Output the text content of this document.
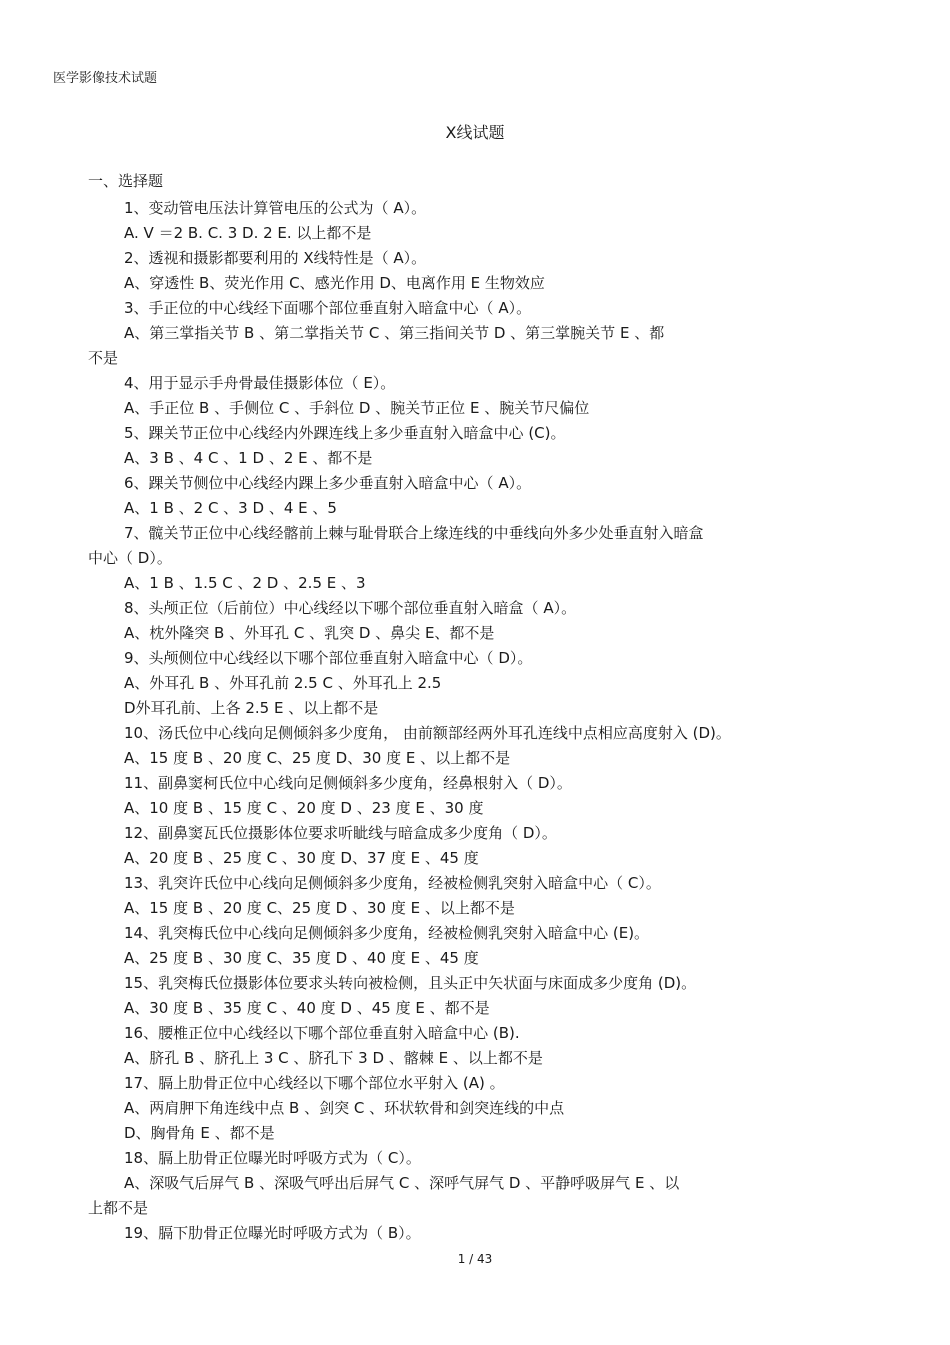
医学影像技术试题
X线试题
一、选择题
1、变动管电压法计算管电压的公式为（ A）。
A. V ＝2 B. C. 3 D. 2 E. 以上都不是
2、透视和摄影都要利用的 X线特性是（ A）。
A、穿透性 B、荧光作用 C、感光作用 D、电离作用 E 生物效应
3、手正位的中心线经下面哪个部位垂直射入暗盒中心（ A）。
A、第三掌指关节 B 、第二掌指关节 C 、第三指间关节 D 、第三掌腕关节 E 、都
不是
4、用于显示手舟骨最佳摄影体位（ E）。
A、手正位 B 、手侧位 C 、手斜位 D 、腕关节正位 E 、腕关节尺偏位
5、踝关节正位中心线经内外踝连线上多少垂直射入暗盒中心 (C)。
A、3 B 、4 C 、1 D 、2 E 、都不是
6、踝关节侧位中心线经内踝上多少垂直射入暗盒中心（ A）。
A、1 B 、2 C 、3 D 、4 E 、5
7、髋关节正位中心线经髂前上棘与耻骨联合上缘连线的中垂线向外多少处垂直射入暗盒
中心（ D）。
A、1 B 、1.5 C 、2 D 、2.5 E 、3
8、头颅正位（后前位）中心线经以下哪个部位垂直射入暗盒（ A）。
A、枕外隆突 B 、外耳孔 C 、乳突 D 、鼻尖 E、都不是
9、头颅侧位中心线经以下哪个部位垂直射入暗盒中心（ D）。
A、外耳孔 B 、外耳孔前 2.5 C 、外耳孔上 2.5
D外耳孔前、上各 2.5 E 、以上都不是
10、汤氏位中心线向足侧倾斜多少度角， 由前额部经两外耳孔连线中点相应高度射入 (D)。
A、15 度 B 、20 度 C、25 度 D、30 度 E 、以上都不是
11、副鼻窦柯氏位中心线向足侧倾斜多少度角，经鼻根射入（ D）。
A、10 度 B 、15 度 C 、20 度 D 、23 度 E 、30 度
12、副鼻窦瓦氏位摄影体位要求听眦线与暗盒成多少度角（ D）。
A、20 度 B 、25 度 C 、30 度 D、37 度 E 、45 度
13、乳突许氏位中心线向足侧倾斜多少度角，经被检侧乳突射入暗盒中心（ C）。
A、15 度 B 、20 度 C、25 度 D 、30 度 E 、以上都不是
14、乳突梅氏位中心线向足侧倾斜多少度角，经被检侧乳突射入暗盒中心 (E)。
A、25 度 B 、30 度 C、35 度 D 、40 度 E 、45 度
15、乳突梅氏位摄影体位要求头转向被检侧，且头正中矢状面与床面成多少度角 (D)。
A、30 度 B 、35 度 C 、40 度 D 、45 度 E 、都不是
16、腰椎正位中心线经以下哪个部位垂直射入暗盒中心 (B).
A、脐孔 B 、脐孔上 3 C 、脐孔下 3 D 、髂棘 E 、以上都不是
17、膈上肋骨正位中心线经以下哪个部位水平射入 (A) 。
A、两肩胛下角连线中点 B 、剑突 C 、环状软骨和剑突连线的中点
D、胸骨角 E 、都不是
18、膈上肋骨正位曝光时呼吸方式为（ C）。
A、深吸气后屏气 B 、深吸气呼出后屏气 C 、深呼气屏气 D 、平静呼吸屏气 E 、以
上都不是
19、膈下肋骨正位曝光时呼吸方式为（ B）。
1 / 43
